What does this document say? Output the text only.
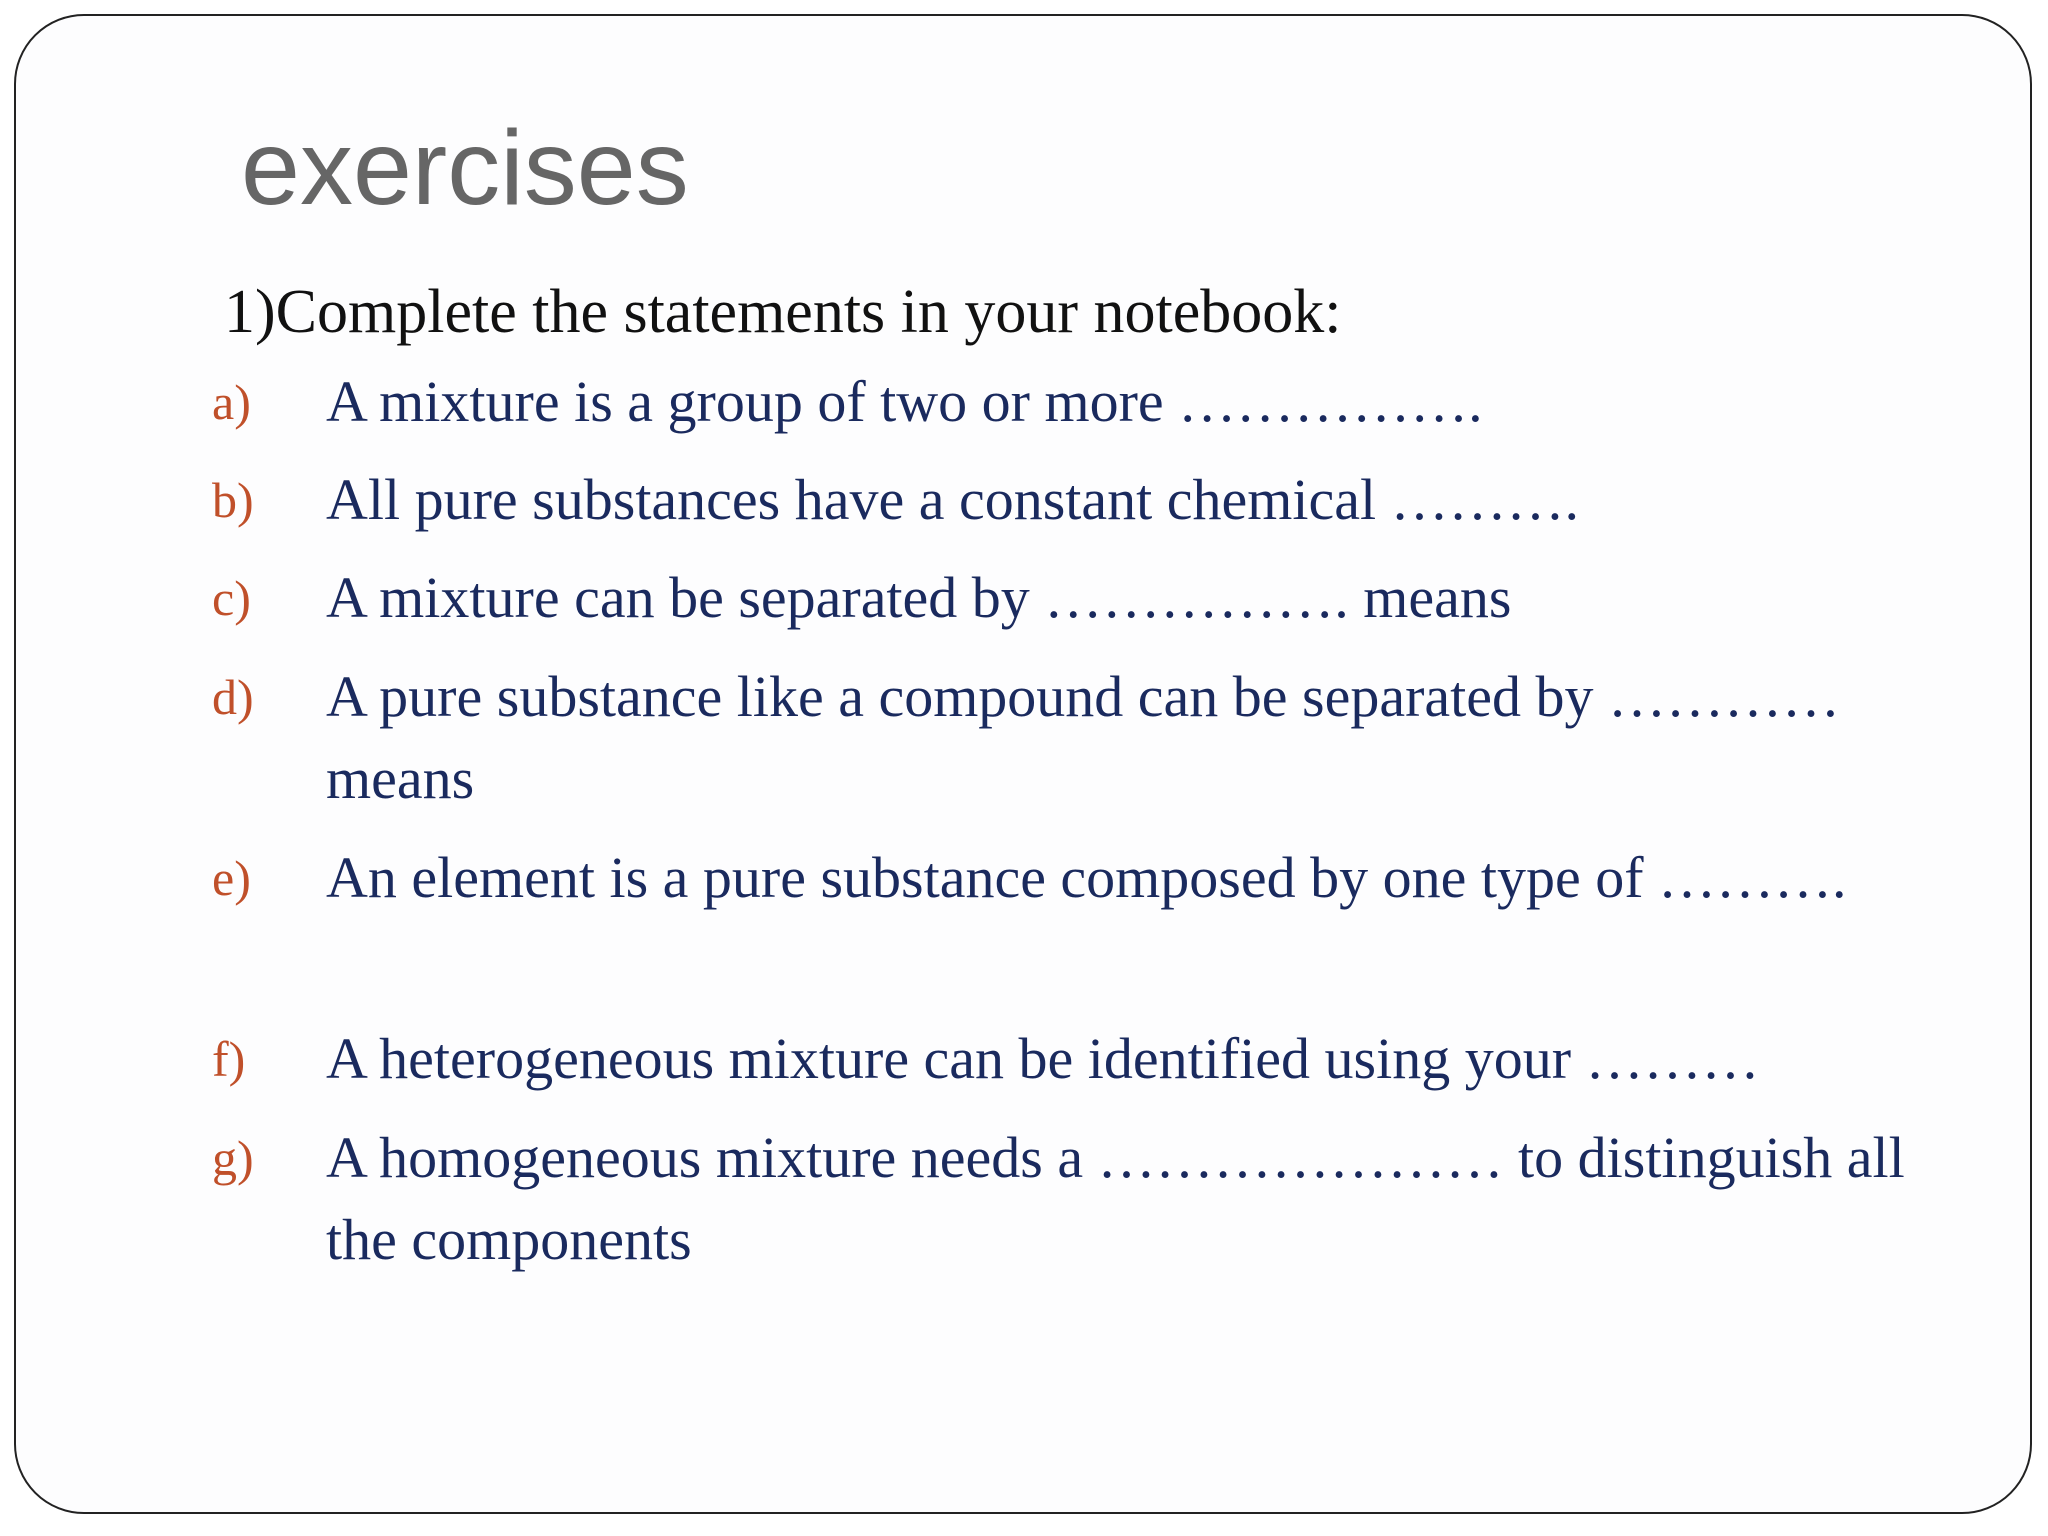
exercises

1)Complete the statements in your notebook:

a) A mixture is a group of two or more …………….
b) All pure substances have a constant chemical ……….
c) A mixture can be separated by ……………. means
d) A pure substance like a compound can be separated by ………… means
e) An element is a pure substance composed by one type of ……….
f) A heterogeneous mixture can be identified using your ………
g) A homogeneous mixture needs a ………………… to distinguish all the components
